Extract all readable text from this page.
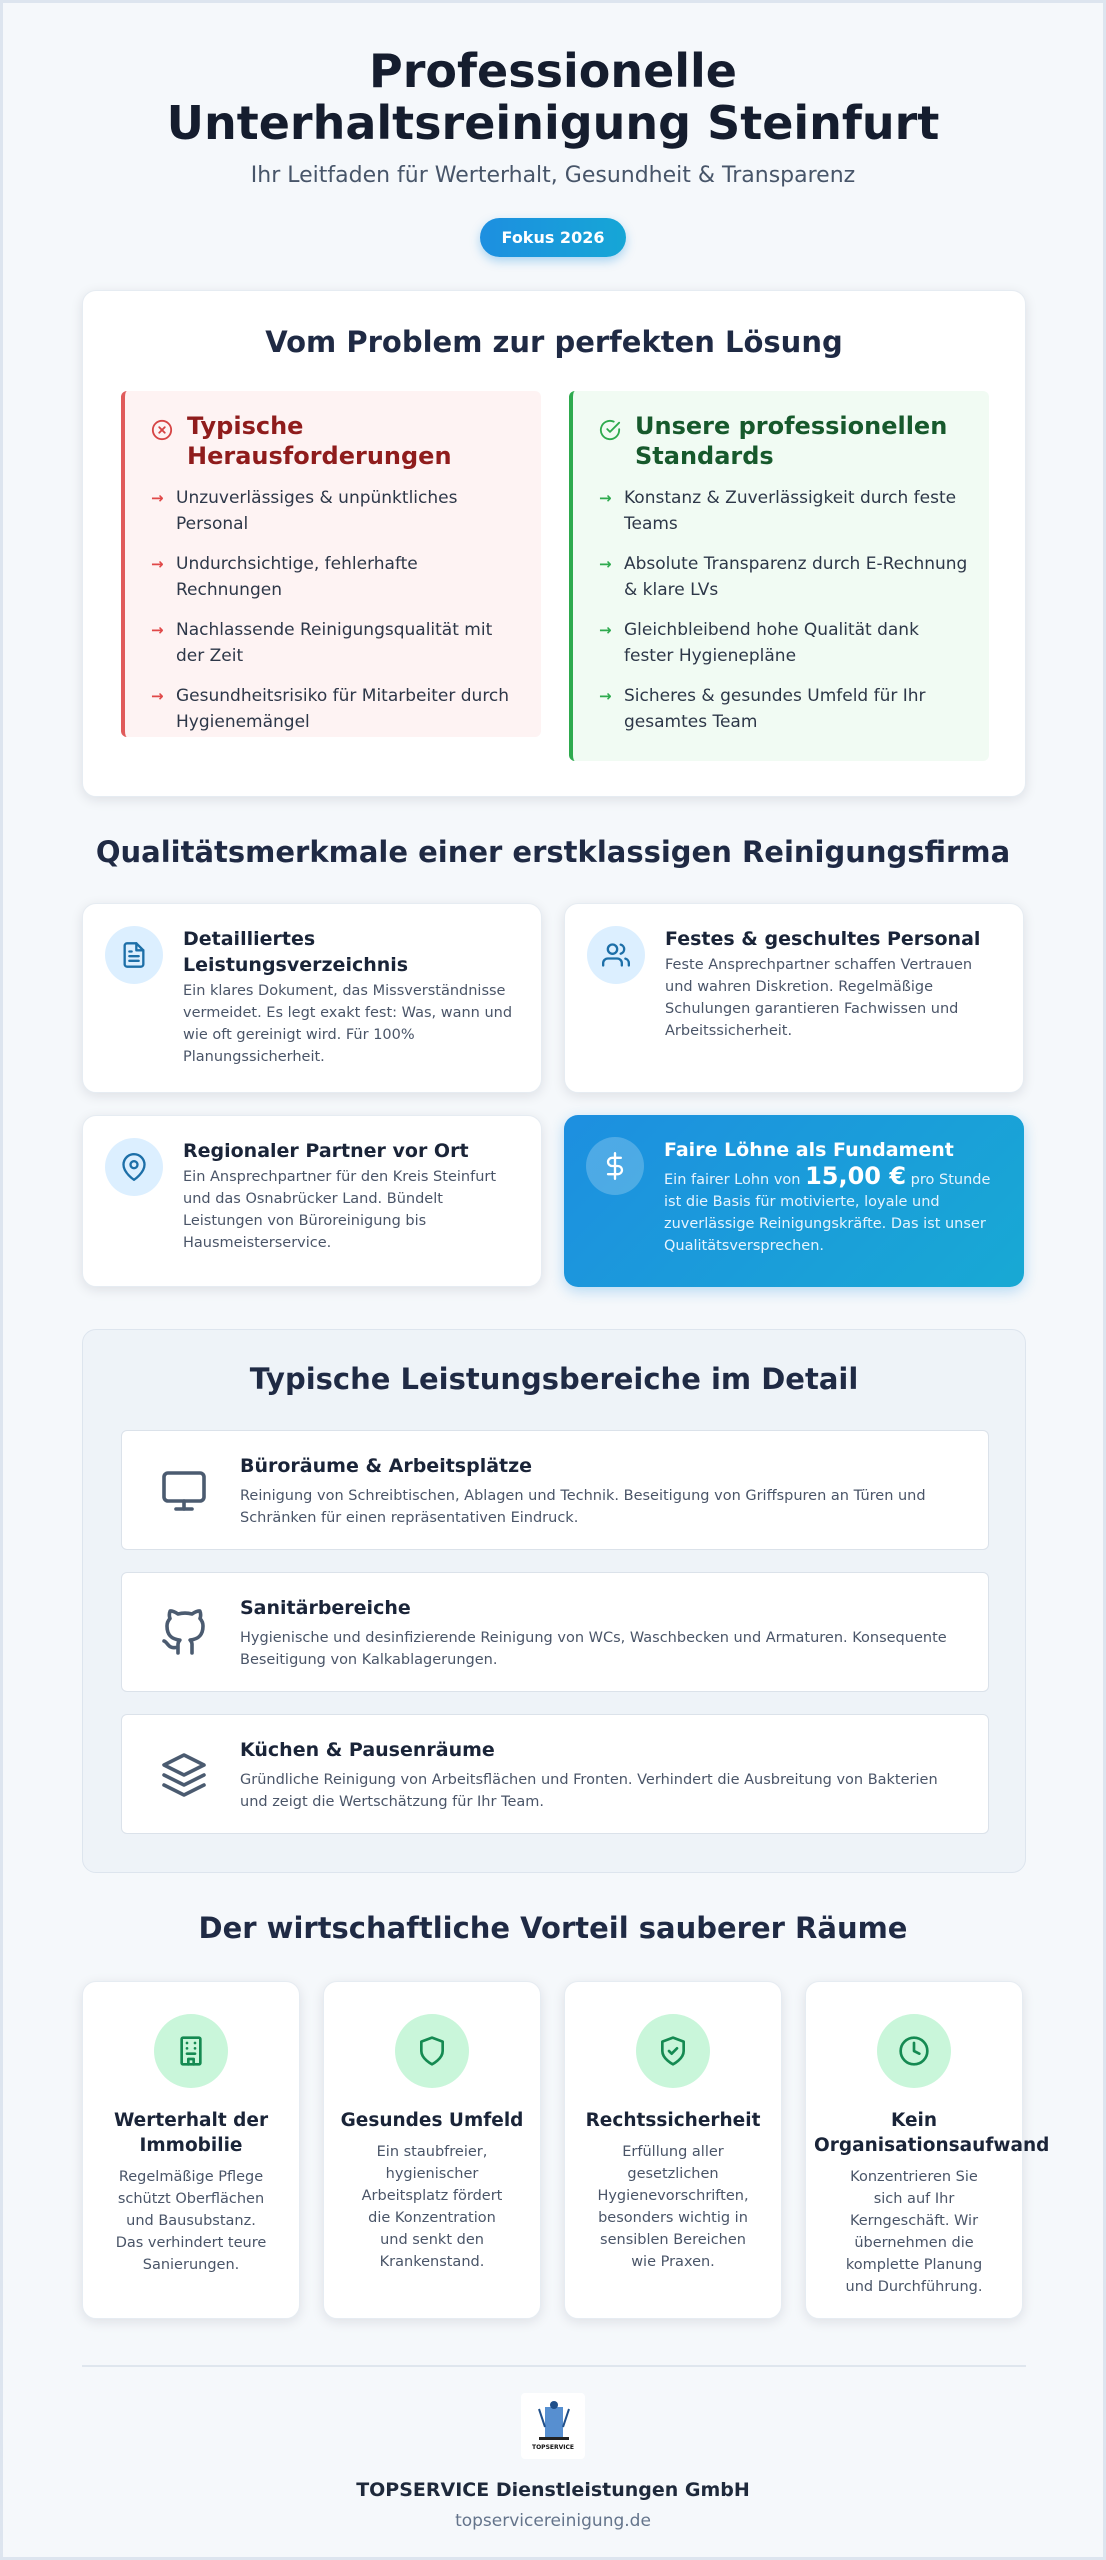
Professionelle Unterhaltsreinigung Steinfurt
Ihr Leitfaden für Werterhalt, Gesundheit & Transparenz
Fokus 2026
Vom Problem zur perfekten Lösung
Typische Herausforderungen
→ Unzuverlässiges & unpünktliches Personal
→ Undurchsichtige, fehlerhafte Rechnungen
→ Nachlassende Reinigungsqualität mit der Zeit
→ Gesundheitsrisiko für Mitarbeiter durch Hygienemängel
Unsere professionellen Standards
→ Konstanz & Zuverlässigkeit durch feste Teams
→ Absolute Transparenz durch E-Rechnung & klare LVs
→ Gleichbleibend hohe Qualität dank fester Hygienepläne
→ Sicheres & gesundes Umfeld für Ihr gesamtes Team
Qualitätsmerkmale einer erstklassigen Reinigungsfirma
Detailliertes Leistungsverzeichnis

Ein klares Dokument, das Missverständnisse vermeidet. Es legt exakt fest: Was, wann und wie oft gereinigt wird. Für 100% Planungssicherheit.

Festes & geschultes Personal

Feste Ansprechpartner schaffen Vertrauen und wahren Diskretion. Regelmäßige Schulungen garantieren Fachwissen und Arbeitssicherheit.

Regionaler Partner vor Ort

Ein Ansprechpartner für den Kreis Steinfurt und das Osnabrücker Land. Bündelt Leistungen von Büroreinigung bis Hausmeisterservice.

Faire Löhne als Fundament

Ein fairer Lohn von 15,00 € pro Stunde ist die Basis für motivierte, loyale und zuverlässige Reinigungskräfte. Das ist unser Qualitätsversprechen.

Typische Leistungsbereiche im Detail
Büroräume & Arbeitsplätze

Reinigung von Schreibtischen, Ablagen und Technik. Beseitigung von Griffspuren an Türen und Schränken für einen repräsentativen Eindruck.

Sanitärbereiche

Hygienische und desinfizierende Reinigung von WCs, Waschbecken und Armaturen. Konsequente Beseitigung von Kalkablagerungen.

Küchen & Pausenräume

Gründliche Reinigung von Arbeitsflächen und Fronten. Verhindert die Ausbreitung von Bakterien und zeigt die Wertschätzung für Ihr Team.

Der wirtschaftliche Vorteil sauberer Räume
Werterhalt der Immobilie

Regelmäßige Pflege schützt Oberflächen und Bausubstanz. Das verhindert teure Sanierungen.

Gesundes Umfeld

Ein staubfreier, hygienischer Arbeitsplatz fördert die Konzentration und senkt den Krankenstand.

Rechtssicherheit

Erfüllung aller gesetzlichen Hygienevorschriften, besonders wichtig in sensiblen Bereichen wie Praxen.

Kein Organisationsaufwand

Konzentrieren Sie sich auf Ihr Kerngeschäft. Wir übernehmen die komplette Planung und Durchführung.

TOPSERVICE
TOPSERVICE Dienstleistungen GmbH
topservicereinigung.de
